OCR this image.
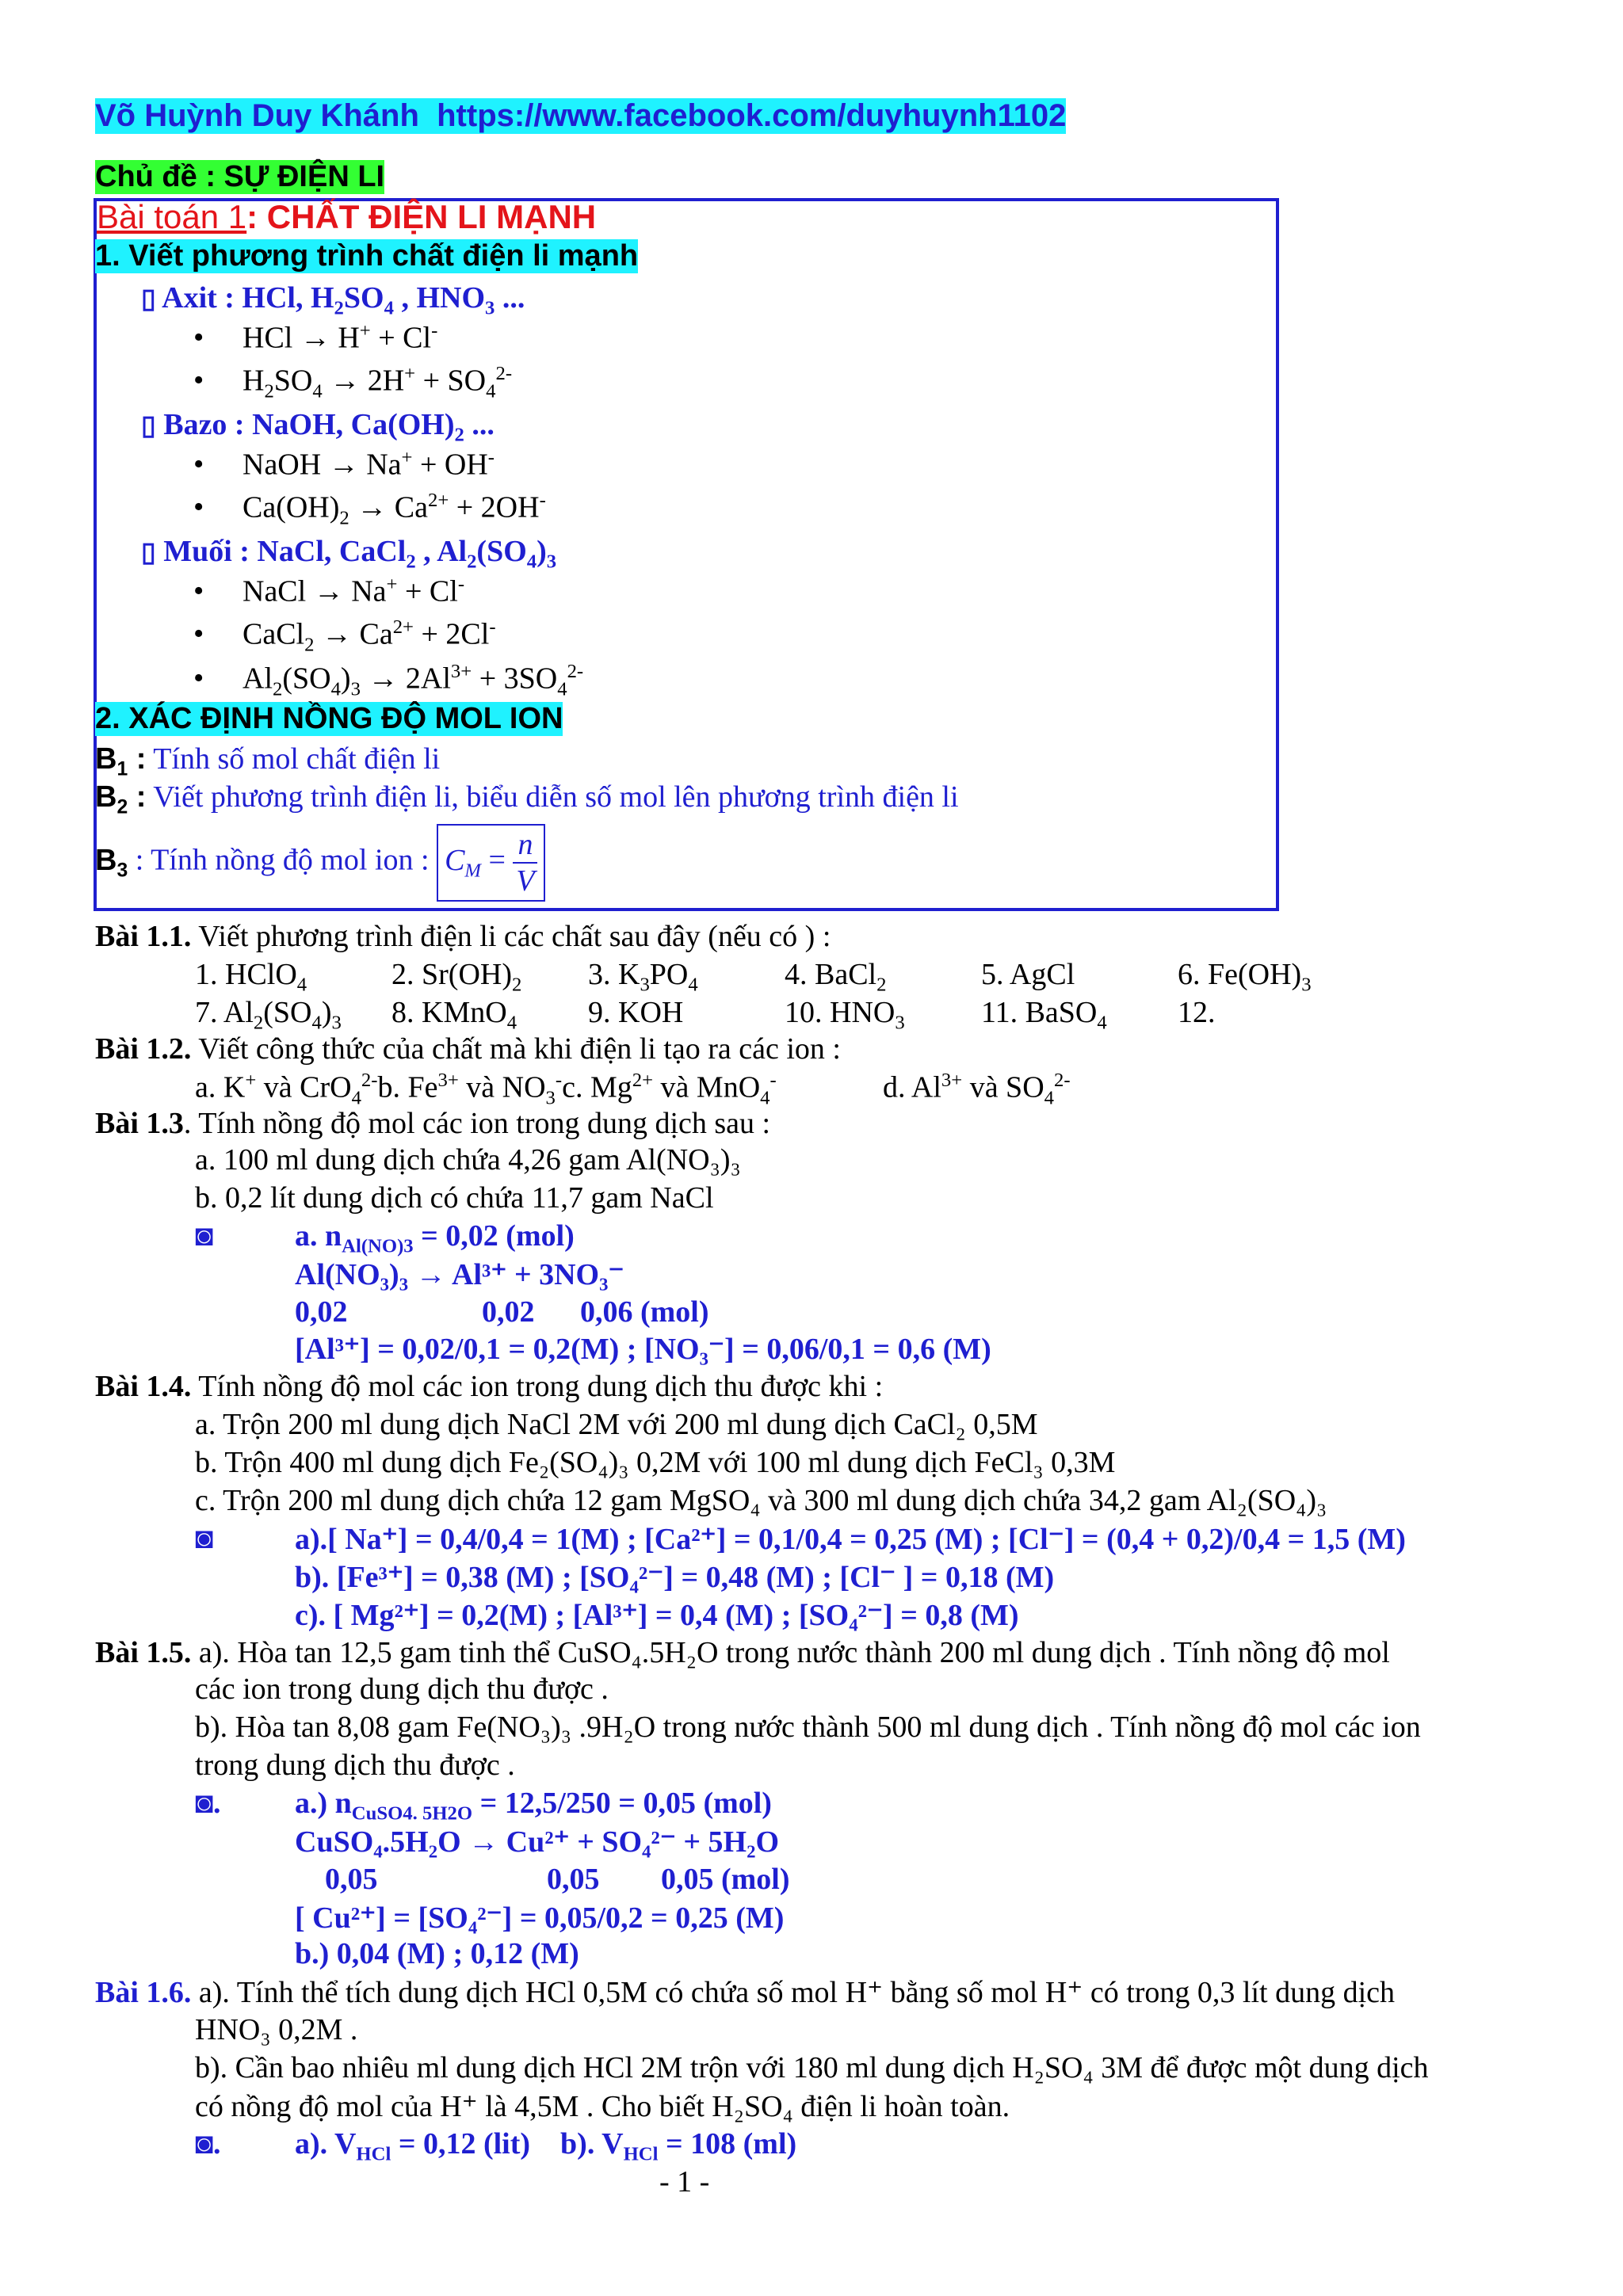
Võ Huỳnh Duy Khánh https://www.facebook.com/duyhuynh1102
Chủ đề : SỰ ĐIỆN LI
Bài toán 1: CHẤT ĐIỆN LI MẠNH
1. Viết phương trình chất điện li mạnh
▯ Axit : HCl, $H_2SO_4$ , $HNO_3$ ...
• HCl → H+ + Cl-
• $H_2SO_4 \to 2H^+ + SO_4^{2-}$
▯ Bazo : NaOH, $Ca(OH)_2$ ...
• NaOH → Na+ + OH-
• $Ca(OH)_2 \to Ca^{2+} + 2OH^-$
▯ Muối : NaCl, CaCl$_2$ , $Al_2(SO_4)_3$
• NaCl → Na+ + Cl-
• CaCl$_2$ → $Ca^{2+} + 2Cl^-$
• $Al_2(SO_4)_3 \to 2Al^{3+} + 3SO_4^{2-}$
2. XÁC ĐỊNH NỒNG ĐỘ MOL ION
$B_1$ : Tính số mol chất điện li
$B_2$ : Viết phương trình điện li, biểu diễn số mol lên phương trình điện li
$B_3$ : Tính nồng độ mol ion : $C_M = \frac{n}{V}$
Bài 1.1. Viết phương trình điện li các chất sau đây (nếu có ) :
1. HClO$_4$	2. $Sr(OH)_2$ 3. $K_3PO_4$	4. BaCl$_2$	5. AgCl	6. $Fe(OH)_3$
7. $Al_2(SO_4)_3$ 8. KMnO$_4$ 9. KOH	10. $HNO_3$	11. BaSO$_4$ 12.
Bài 1.2. Viết công thức của chất mà khi điện li tạo ra các ion :
a. K+ và CrO$_4^{2-}$b. $Fe^{3+}$ và $NO_3^-c$. $Mg^{2+}$ và MnO$_4$-	d. $Al^{3+}$ và $SO_4^{2-}$
Bài 1.3. Tính nồng độ mol các ion trong dung dịch sau :
a. 100 ml dung dịch chứa 4,26 gam Al(NO₃)₃
b. 0,2 lít dung dịch có chứa 11,7 gam NaCl
◙	a. $n_{Al(NO)3} = 0,02$ (mol)
Al(NO₃)₃ → Al³⁺ + 3NO₃⁻
0,02	0,02 0,06 (mol)
[Al³⁺] = 0,02/0,1 = 0,2(M) ; [NO₃⁻] = 0,06/0,1 = 0,6 (M)
Bài 1.4. Tính nồng độ mol các ion trong dung dịch thu được khi :
a. Trộn 200 ml dung dịch NaCl 2M với 200 ml dung dịch CaCl₂ 0,5M
b. Trộn 400 ml dung dịch Fe₂(SO₄)₃ 0,2M với 100 ml dung dịch FeCl₃ 0,3M
c. Trộn 200 ml dung dịch chứa 12 gam MgSO₄ và 300 ml dung dịch chứa 34,2 gam Al₂(SO₄)₃
◙	a).[ Na⁺] = 0,4/0,4 = 1(M) ; [Ca²⁺] = 0,1/0,4 = 0,25 (M) ; [Cl⁻] = (0,4 + 0,2)/0,4 = 1,5 (M)
b). [Fe³⁺] = 0,38 (M) ; [SO₄²⁻] = 0,48 (M) ; [Cl⁻ ] = 0,18 (M)
c). [ Mg²⁺] = 0,2(M) ; [Al³⁺] = 0,4 (M) ; [SO₄²⁻] = 0,8 (M)
Bài 1.5. a). Hòa tan 12,5 gam tinh thể CuSO₄.5H₂O trong nước thành 200 ml dung dịch . Tính nồng độ mol
các ion trong dung dịch thu được .
b). Hòa tan 8,08 gam Fe(NO₃)₃ .9H₂O trong nước thành 500 ml dung dịch . Tính nồng độ mol các ion
trong dung dịch thu được .
◙. a.) $n_{CuSO4. 5H2O} = 12,5/250 = 0,05$ (mol)
CuSO₄.5H₂O → Cu²⁺ + SO₄²⁻ + 5H₂O
0,05	0,05 0,05 (mol)
[ Cu²⁺] = [SO₄²⁻] = 0,05/0,2 = 0,25 (M)
b.) 0,04 (M) ; 0,12 (M)
Bài 1.6. a). Tính thể tích dung dịch HCl 0,5M có chứa số mol H⁺ bằng số mol H⁺ có trong 0,3 lít dung dịch
HNO₃ 0,2M .
b). Cần bao nhiêu ml dung dịch HCl 2M trộn với 180 ml dung dịch H₂SO₄ 3M để được một dung dịch
có nồng độ mol của H⁺ là 4,5M . Cho biết H₂SO₄ điện li hoàn toàn.
◙. a). $V_{HCl} = 0,12$ (lit)    b). $V_{HCl} = 108$ (ml)
- 1 -
